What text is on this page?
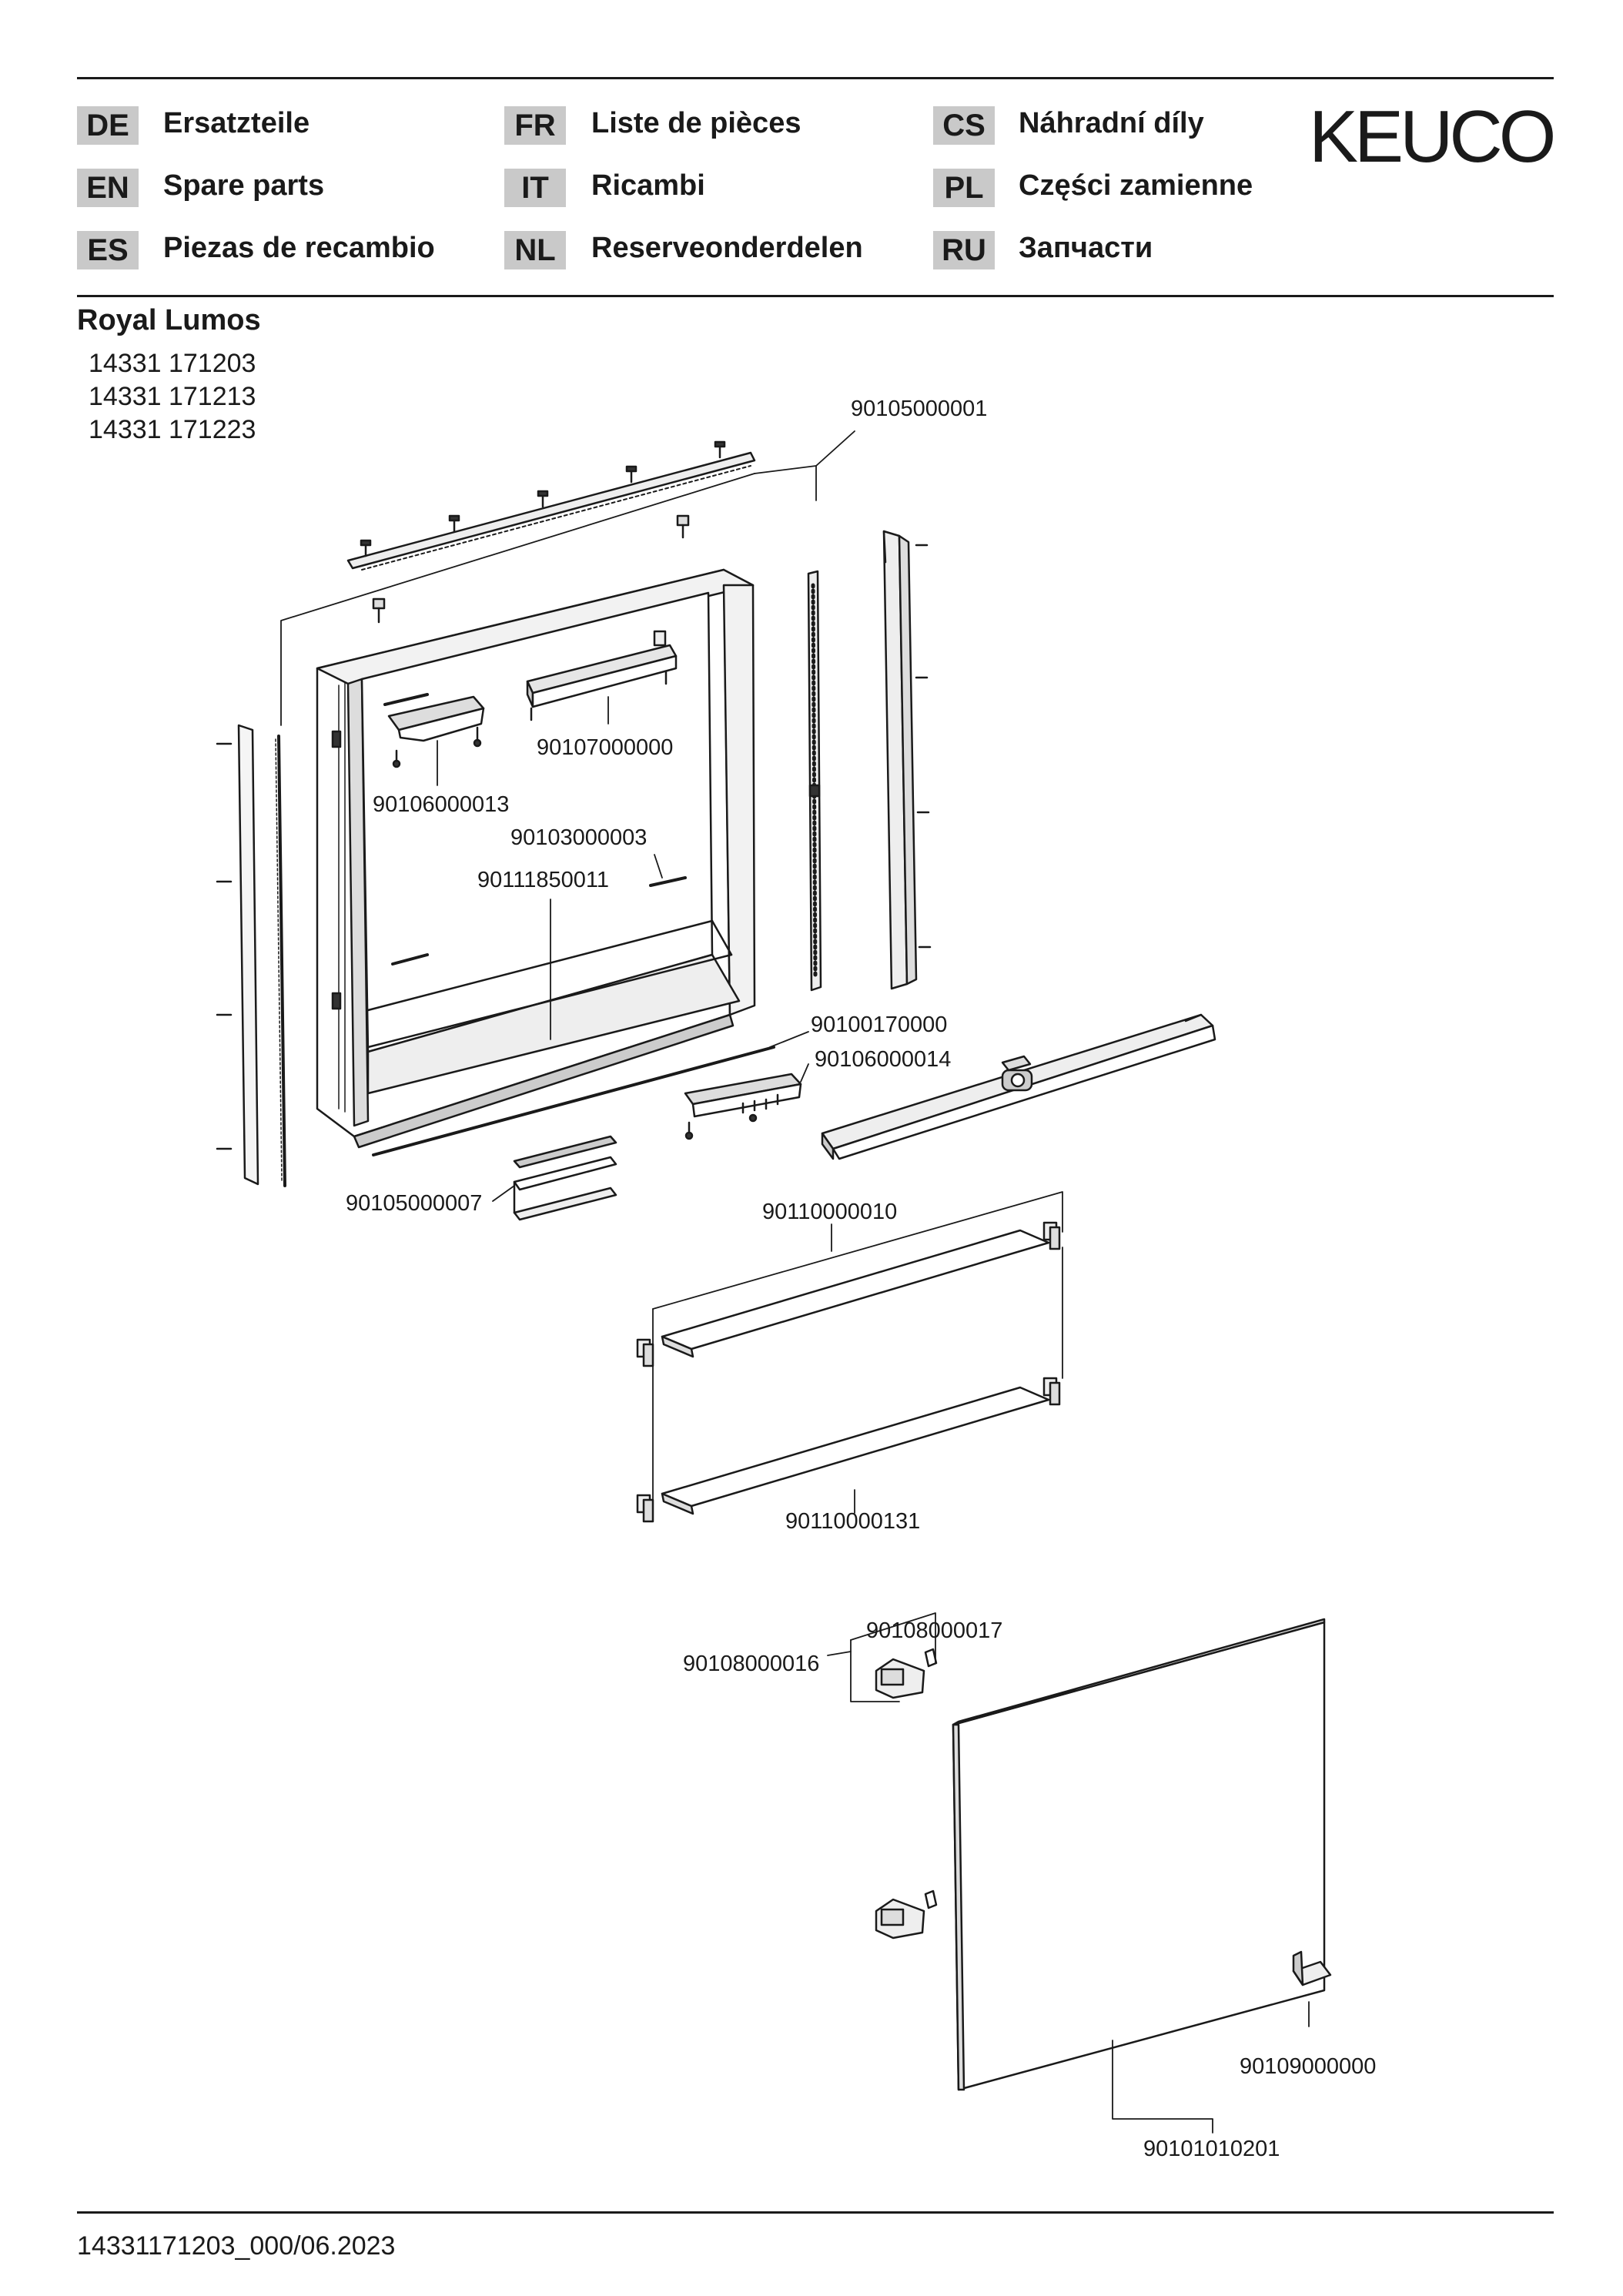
DE	Ersatzteile
EN	Spare parts
ES	Piezas de recambio
FR	Liste de pièces
IT	Ricambi
NL	Reserveonderdelen
CS	Náhradní díly
PL	Części zamienne
RU Запчасти
KEUCO
Royal Lumos
14331 171203
14331 171213
14331 171223
90105000001
90107000000
90106000013
90103000003
90111850011
90100170000
90106000014
90105000007	90110000010
90110000131
90108000017
90108000016
90109000000
90101010201
14331171203_000/06.2023
